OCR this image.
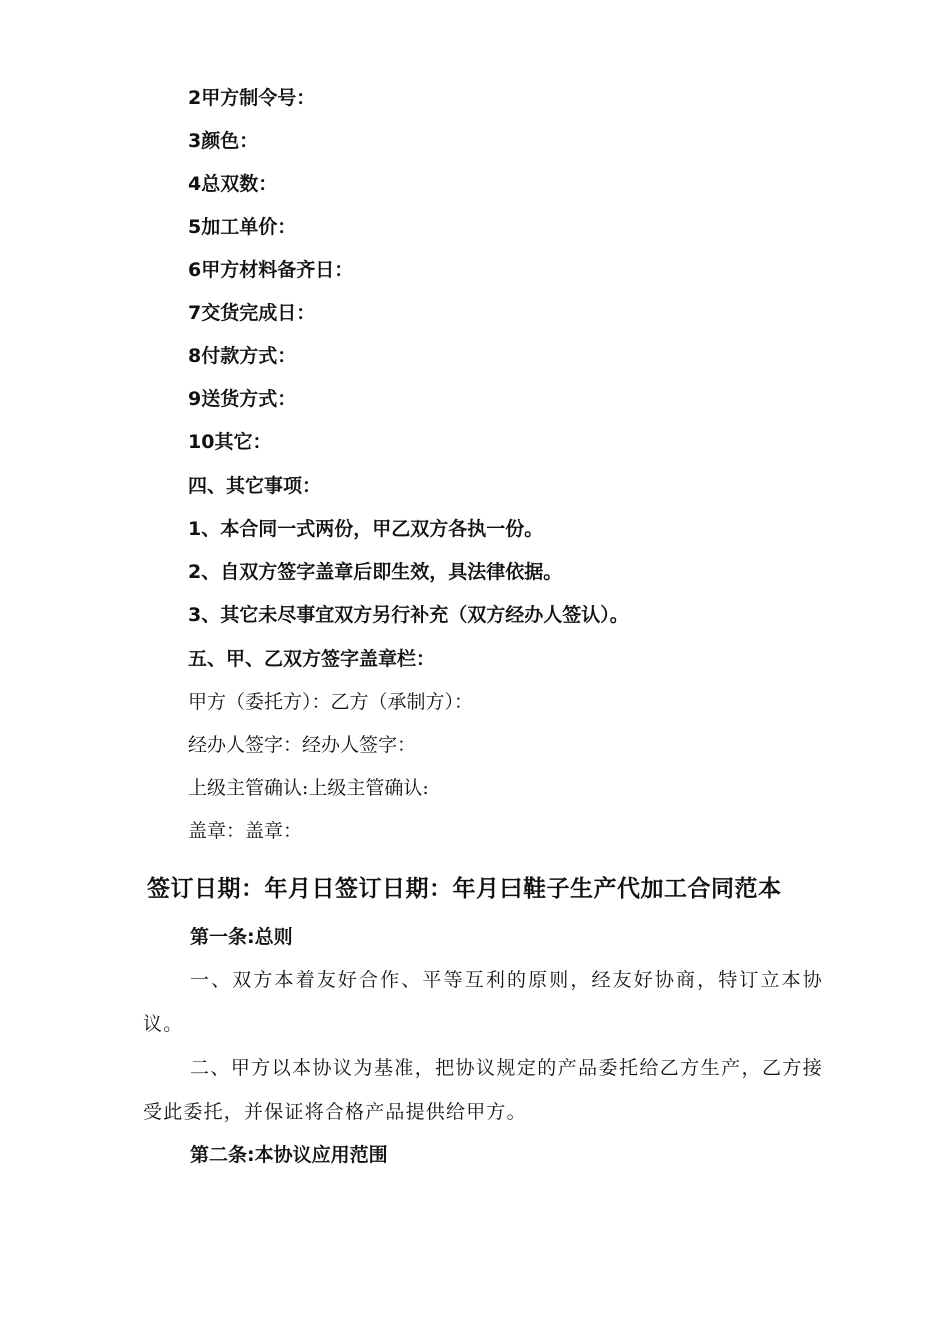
2甲方制令号：
3颜色：
4总双数：
5加工单价：
6甲方材料备齐日：
7交货完成日：
8付款方式：
9送货方式：
10其它：
四、其它事项：
1、本合同一式两份，甲乙双方各执一份。
2、自双方签字盖章后即生效，具法律依据。
3、其它未尽事宜双方另行补充（双方经办人签认）。
五、甲、乙双方签字盖章栏：
甲方（委托方）：乙方（承制方）：
经办人签字：经办人签字：
上级主管确认:上级主管确认:
盖章：盖章：
签订日期：年月日签订日期：年月曰鞋子生产代加工合同范本
第一条:总则
一、双方本着友好合作、平等互利的原则，经友好协商，特订立本协议。
二、甲方以本协议为基准，把协议规定的产品委托给乙方生产，乙方接受此委托，并保证将合格产品提供给甲方。
第二条:本协议应用范围
